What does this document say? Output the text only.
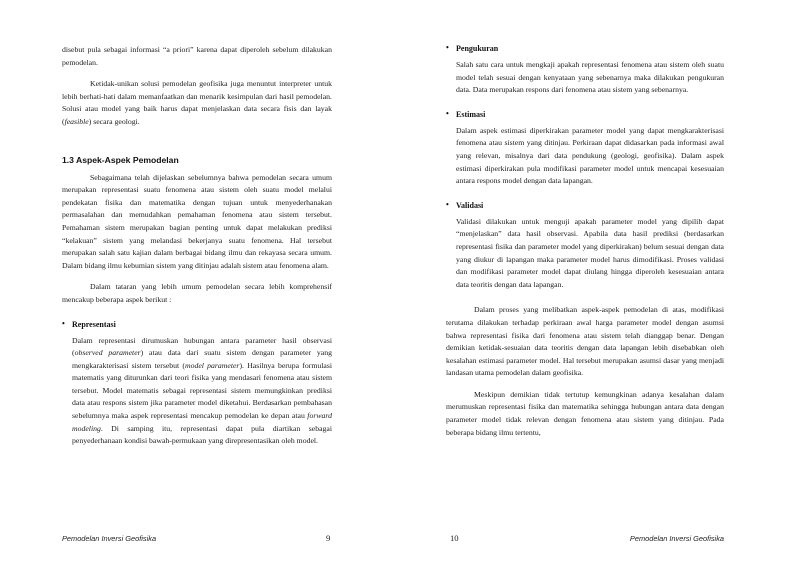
disebut pula sebagai informasi “a priori” karena dapat diperoleh sebelum dilakukan pemodelan.

Ketidak-unikan solusi pemodelan geofisika juga menuntut interpreter untuk lebih berhati-hati dalam memanfaatkan dan menarik kesimpulan dari hasil pemodelan. Solusi atau model yang baik harus dapat menjelaskan data secara fisis dan layak (feasible) secara geologi.

1.3 Aspek-Aspek Pemodelan

Sebagaimana telah dijelaskan sebelumnya bahwa pemodelan secara umum merupakan representasi suatu fenomena atau sistem oleh suatu model melalui pendekatan fisika dan matematika dengan tujuan untuk menyederhanakan permasalahan dan memudahkan pemahaman fenomena atau sistem tersebut. Pemahaman sistem merupakan bagian penting untuk dapat melakukan prediksi “kelakuan” sistem yang melandasi bekerjanya suatu fenomena. Hal tersebut merupakan salah satu kajian dalam berbagai bidang ilmu dan rekayasa secara umum. Dalam bidang ilmu kebumian sistem yang ditinjau adalah sistem atau fenomena alam.

Dalam tataran yang lebih umum pemodelan secara lebih komprehensif mencakup beberapa aspek berikut :

• Representasi

Dalam representasi dirumuskan hubungan antara parameter hasil observasi (observed parameter) atau data dari suatu sistem dengan parameter yang mengkarakterisasi sistem tersebut (model parameter). Hasilnya berupa formulasi matematis yang diturunkan dari teori fisika yang mendasari fenomena atau sistem tersebut. Model matematis sebagai representasi sistem memungkinkan prediksi data atau respons sistem jika parameter model diketahui. Berdasarkan pembahasan sebelumnya maka aspek representasi mencakup pemodelan ke depan atau forward modeling. Di samping itu, representasi dapat pula diartikan sebagai penyederhanaan kondisi bawah-permukaan yang direpresentasikan oleh model.

Pemodelan Inversi Geofisika	9
• Pengukuran

Salah satu cara untuk mengkaji apakah representasi fenomena atau sistem oleh suatu model telah sesuai dengan kenyataan yang sebenarnya maka dilakukan pengukuran data. Data merupakan respons dari fenomena atau sistem yang sebenarnya.

• Estimasi

Dalam aspek estimasi diperkirakan parameter model yang dapat mengkarakterisasi fenomena atau sistem yang ditinjau. Perkiraan dapat didasarkan pada informasi awal yang relevan, misalnya dari data pendukung (geologi, geofisika). Dalam aspek estimasi diperkirakan pula modifikasi parameter model untuk mencapai kesesuaian antara respons model dengan data lapangan.

• Validasi

Validasi dilakukan untuk menguji apakah parameter model yang dipilih dapat “menjelaskan” data hasil observasi. Apabila data hasil prediksi (berdasarkan representasi fisika dan parameter model yang diperkirakan) belum sesuai dengan data yang diukur di lapangan maka parameter model harus dimodifikasi. Proses validasi dan modifikasi parameter model dapat diulang hingga diperoleh kesesuaian antara data teoritis dengan data lapangan.

Dalam proses yang melibatkan aspek-aspek pemodelan di atas, modifikasi terutama dilakukan terhadap perkiraan awal harga parameter model dengan asumsi bahwa representasi fisika dari fenomena atau sistem telah dianggap benar. Dengan demikian ketidak-sesuaian data teoritis dengan data lapangan lebih disebabkan oleh kesalahan estimasi parameter model. Hal tersebut merupakan asumsi dasar yang menjadi landasan utama pemodelan dalam geofisika.

Meskipun demikian tidak tertutup kemungkinan adanya kesalahan dalam merumuskan representasi fisika dan matematika sehingga hubungan antara data dengan parameter model tidak relevan dengan fenomena atau sistem yang ditinjau. Pada beberapa bidang ilmu tertentu,

10	Pemodelan Inversi Geofisika
